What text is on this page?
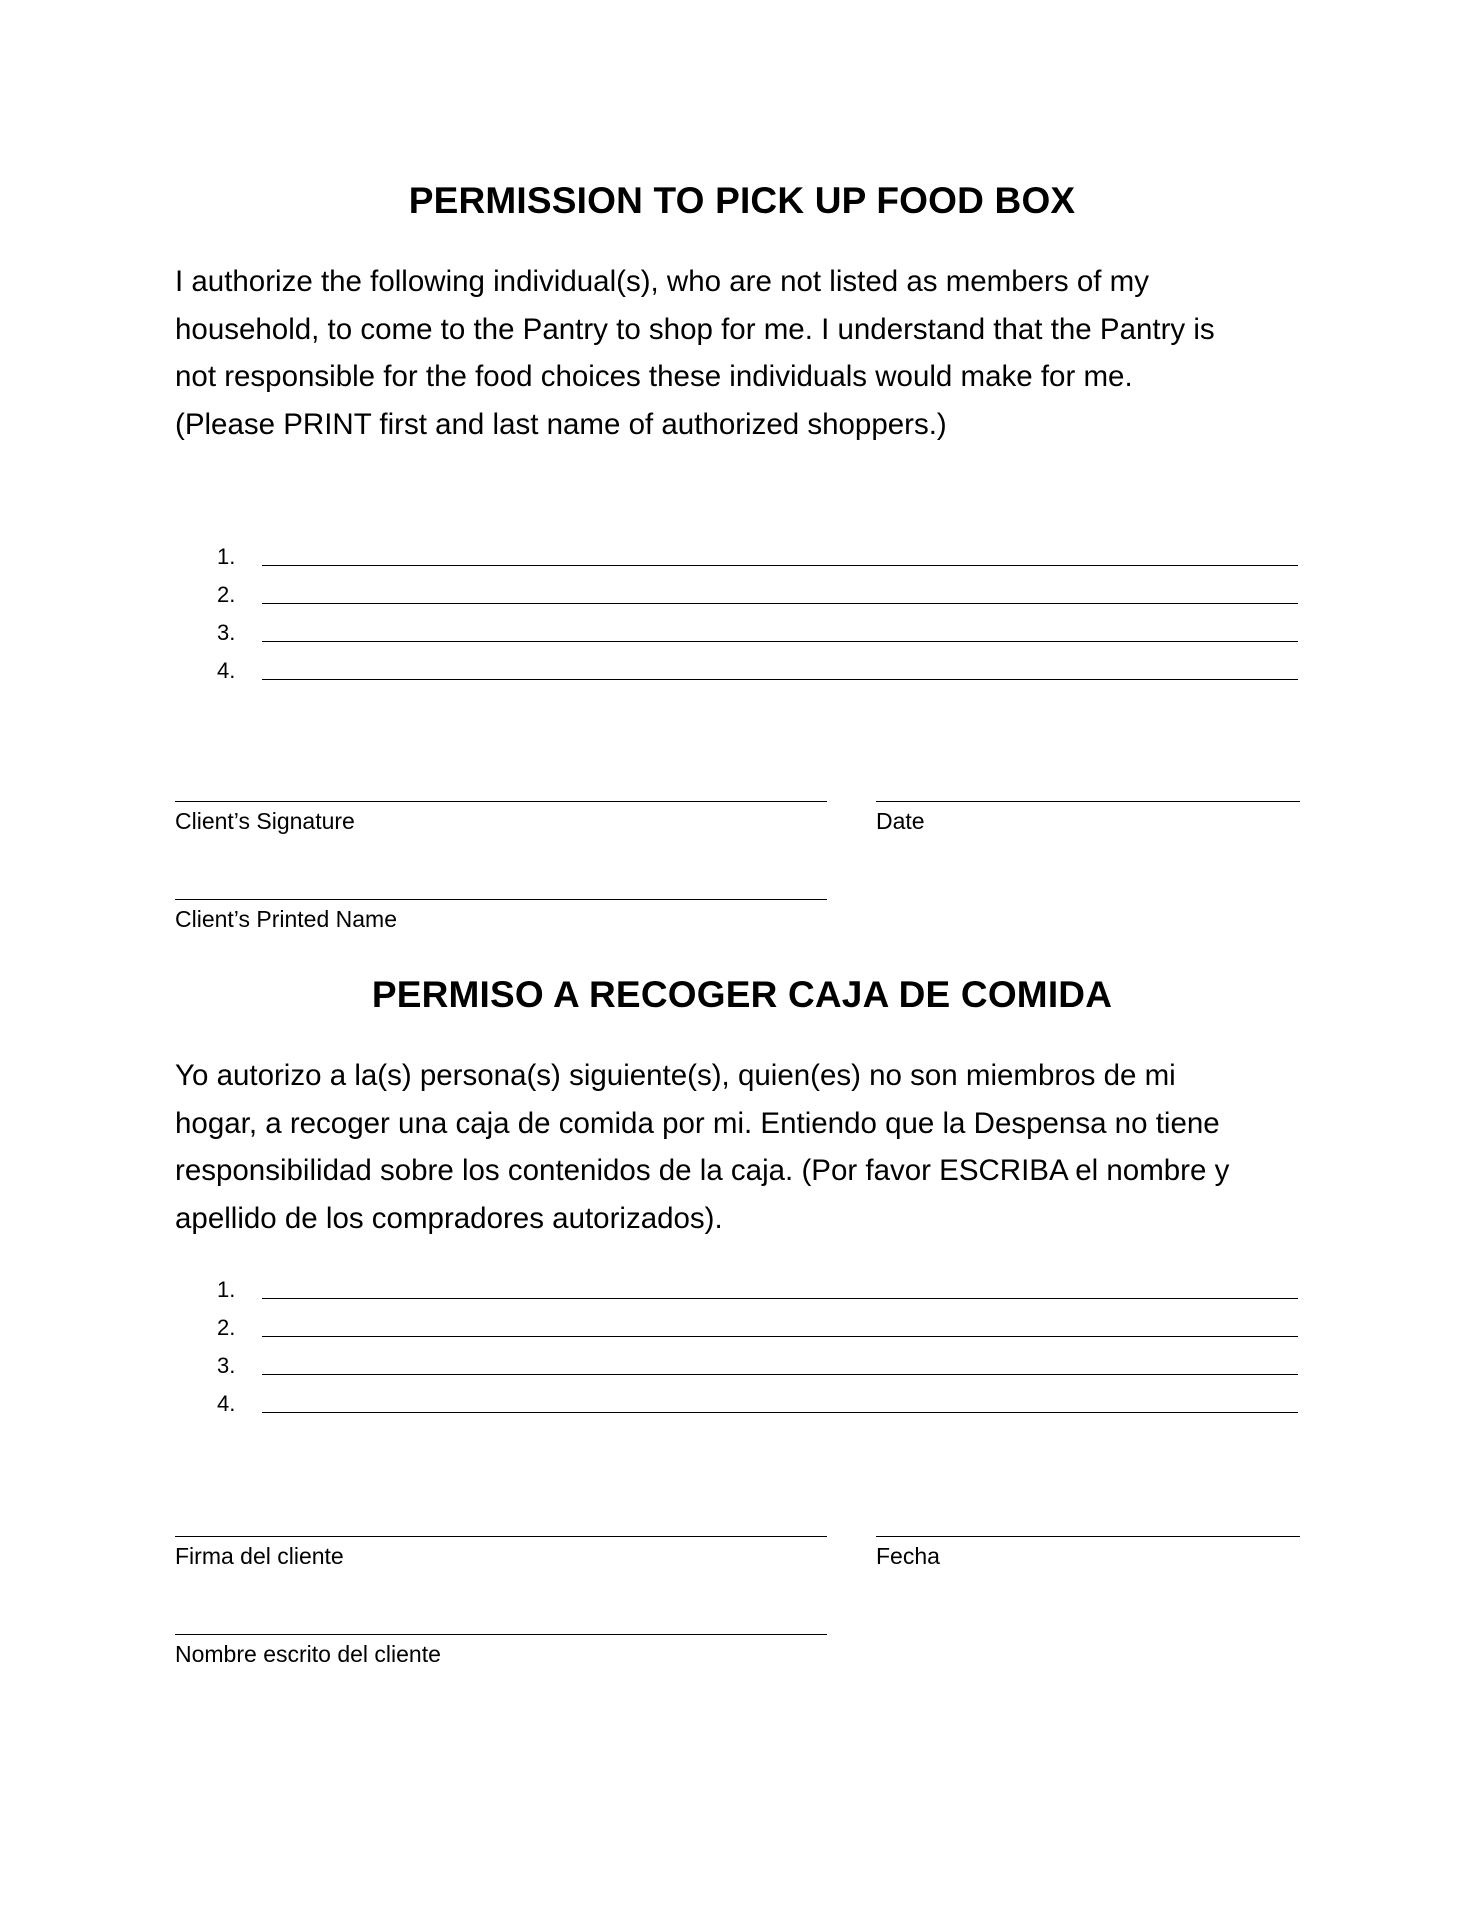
PERMISSION TO PICK UP FOOD BOX

I authorize the following individual(s), who are not listed as members of my

household, to come to the Pantry to shop for me. I understand that the Pantry is

not responsible for the food choices these individuals would make for me.

(Please PRINT first and last name of authorized shoppers.)

1.
2.
3.
4.
Client’s Signature	Date
Client’s Printed Name
PERMISO A RECOGER CAJA DE COMIDA

Yo autorizo a la(s) persona(s) siguiente(s), quien(es) no son miembros de mi

hogar, a recoger una caja de comida por mi. Entiendo que la Despensa no tiene

responsibilidad sobre los contenidos de la caja. (Por favor ESCRIBA el nombre y

apellido de los compradores autorizados).

1.
2.
3.
4.
Firma del cliente	Fecha
Nombre escrito del cliente
